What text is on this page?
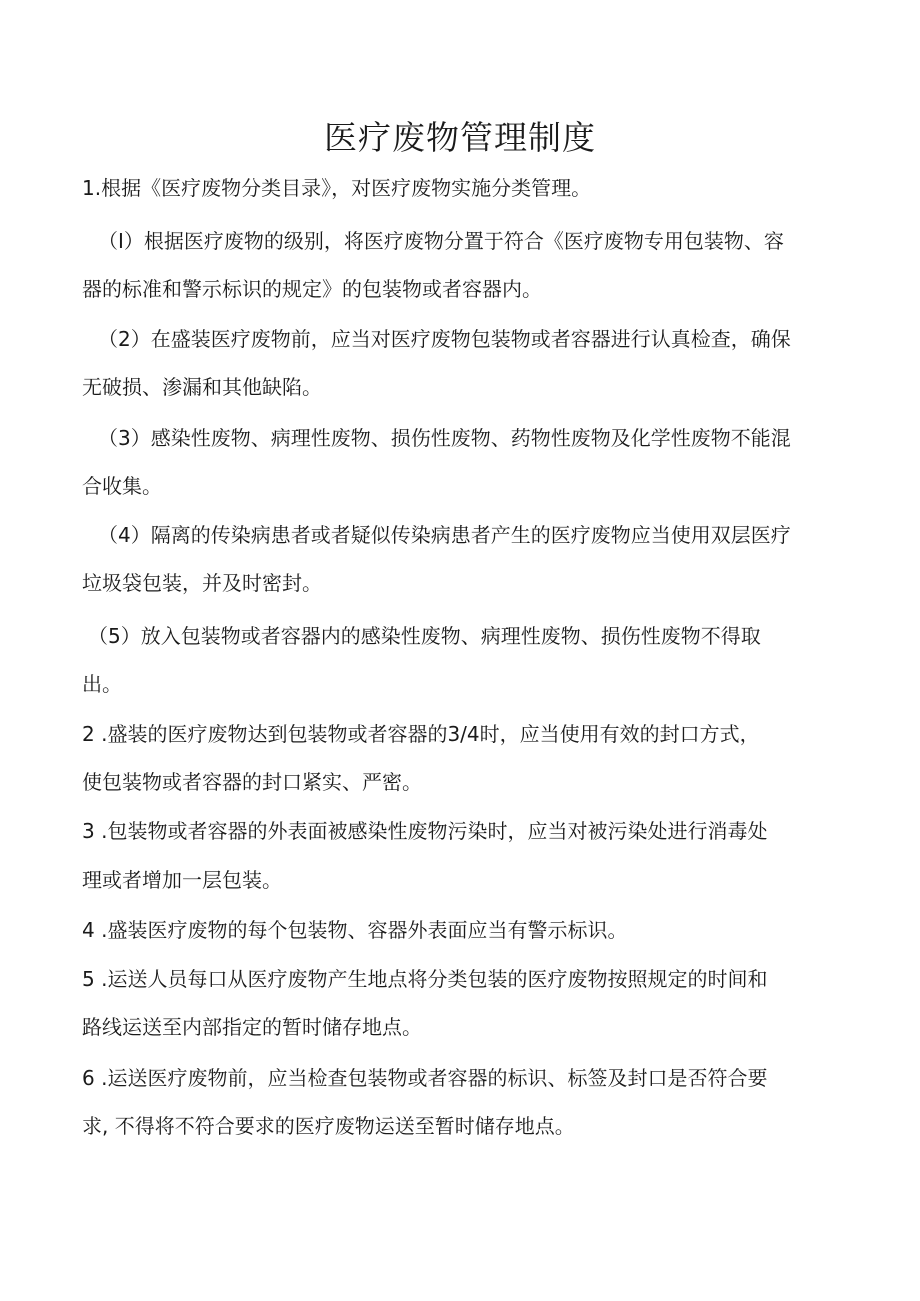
医疗废物管理制度

1.根据《医疗废物分类目录》，对医疗废物实施分类管理。

（I）根据医疗废物的级别，将医疗废物分置于符合《医疗废物专用包装物、容

器的标准和警示标识的规定》的包装物或者容器内。

（2）在盛装医疗废物前，应当对医疗废物包装物或者容器进行认真检查，确保

无破损、渗漏和其他缺陷。

（3）感染性废物、病理性废物、损伤性废物、药物性废物及化学性废物不能混

合收集。

（4）隔离的传染病患者或者疑似传染病患者产生的医疗废物应当使用双层医疗

垃圾袋包装，并及时密封。

（5）放入包装物或者容器内的感染性废物、病理性废物、损伤性废物不得取

出。

2 .盛装的医疗废物达到包装物或者容器的3/4时，应当使用有效的封口方式，

使包装物或者容器的封口紧实、严密。

3 .包装物或者容器的外表面被感染性废物污染时，应当对被污染处进行消毒处

理或者增加一层包装。

4 .盛装医疗废物的每个包装物、容器外表面应当有警示标识。

5 .运送人员每口从医疗废物产生地点将分类包装的医疗废物按照规定的时间和

路线运送至内部指定的暂时储存地点。

6 .运送医疗废物前，应当检查包装物或者容器的标识、标签及封口是否符合要

求, 不得将不符合要求的医疗废物运送至暂时储存地点。
